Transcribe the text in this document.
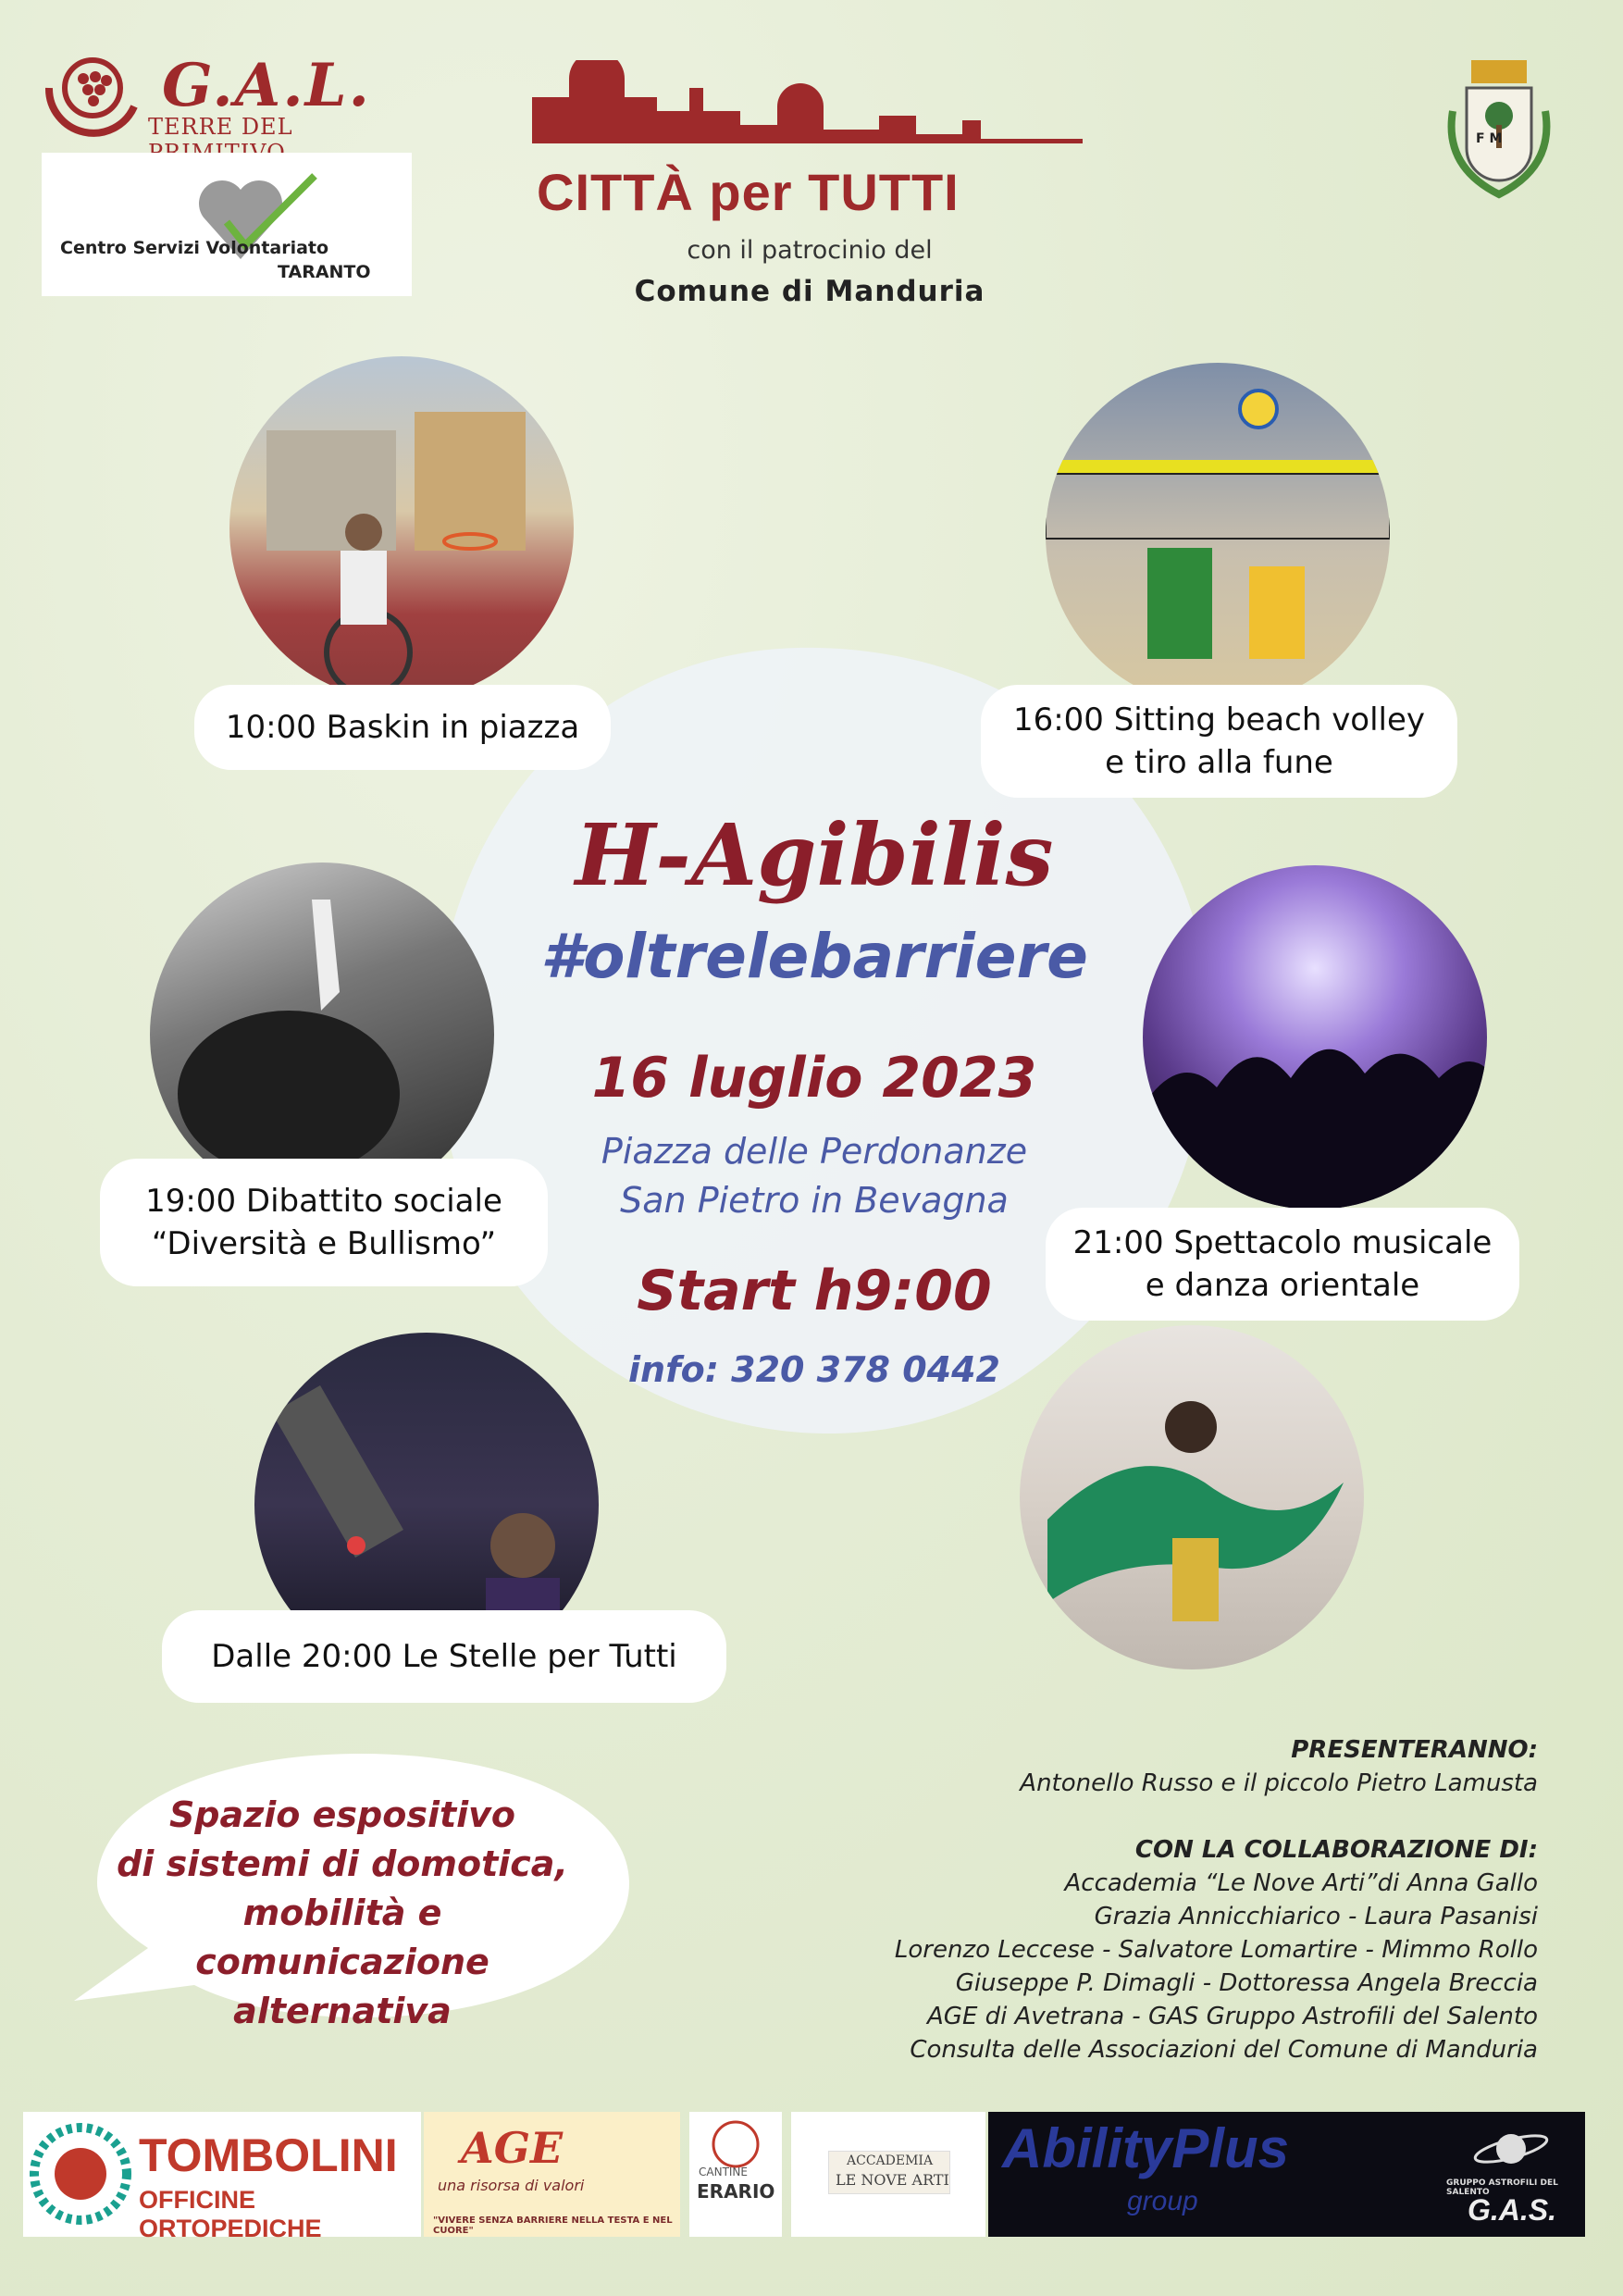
G.A.L.
TERRE DEL
Centro Servizi Volontariato
TARANTO
CITTÀ per TUTTI
con il patrocinio del
Comune di Manduria
F M
H-Agibilis
#oltrelebarriere
16 luglio 2023
Piazza delle Perdonanze
San Pietro in Bevagna
Start h9:00
info: 320 378 0442
10:00 Baskin in piazza	16:00 Sitting beach volley
e tiro alla fune
19:00 Dibattito sociale
“Diversità e Bullismo”	21:00 Spettacolo musicale
e danza orientale
Dalle 20:00 Le Stelle per Tutti
Spazio espositivo
di sistemi di domotica,
mobilità e comunicazione
alternativa
PRESENTERANNO:
Antonello Russo e il piccolo Pietro Lamusta
CON LA COLLABORAZIONE DI:
Accademia “Le Nove Arti”di Anna Gallo
Grazia Annicchiarico - Laura Pasanisi
Lorenzo Leccese - Salvatore Lomartire - Mimmo Rollo
Giuseppe P. Dimagli - Dottoressa Angela Breccia
AGE di Avetrana - GAS Gruppo Astrofili del Salento
Consulta delle Associazioni del Comune di Manduria
TOMBOLINI
OFFICINE ORTOPEDICHE
AGE
una risorsa di valori
"VIVERE SENZA BARRIERE NELLA TESTA E NEL CUORE"
CANTINE
ERARIO
ACCADEMIA
LE NOVE ARTI
AbilityPlus
group
GRUPPO ASTROFILI DEL SALENTO
G.A.S.
